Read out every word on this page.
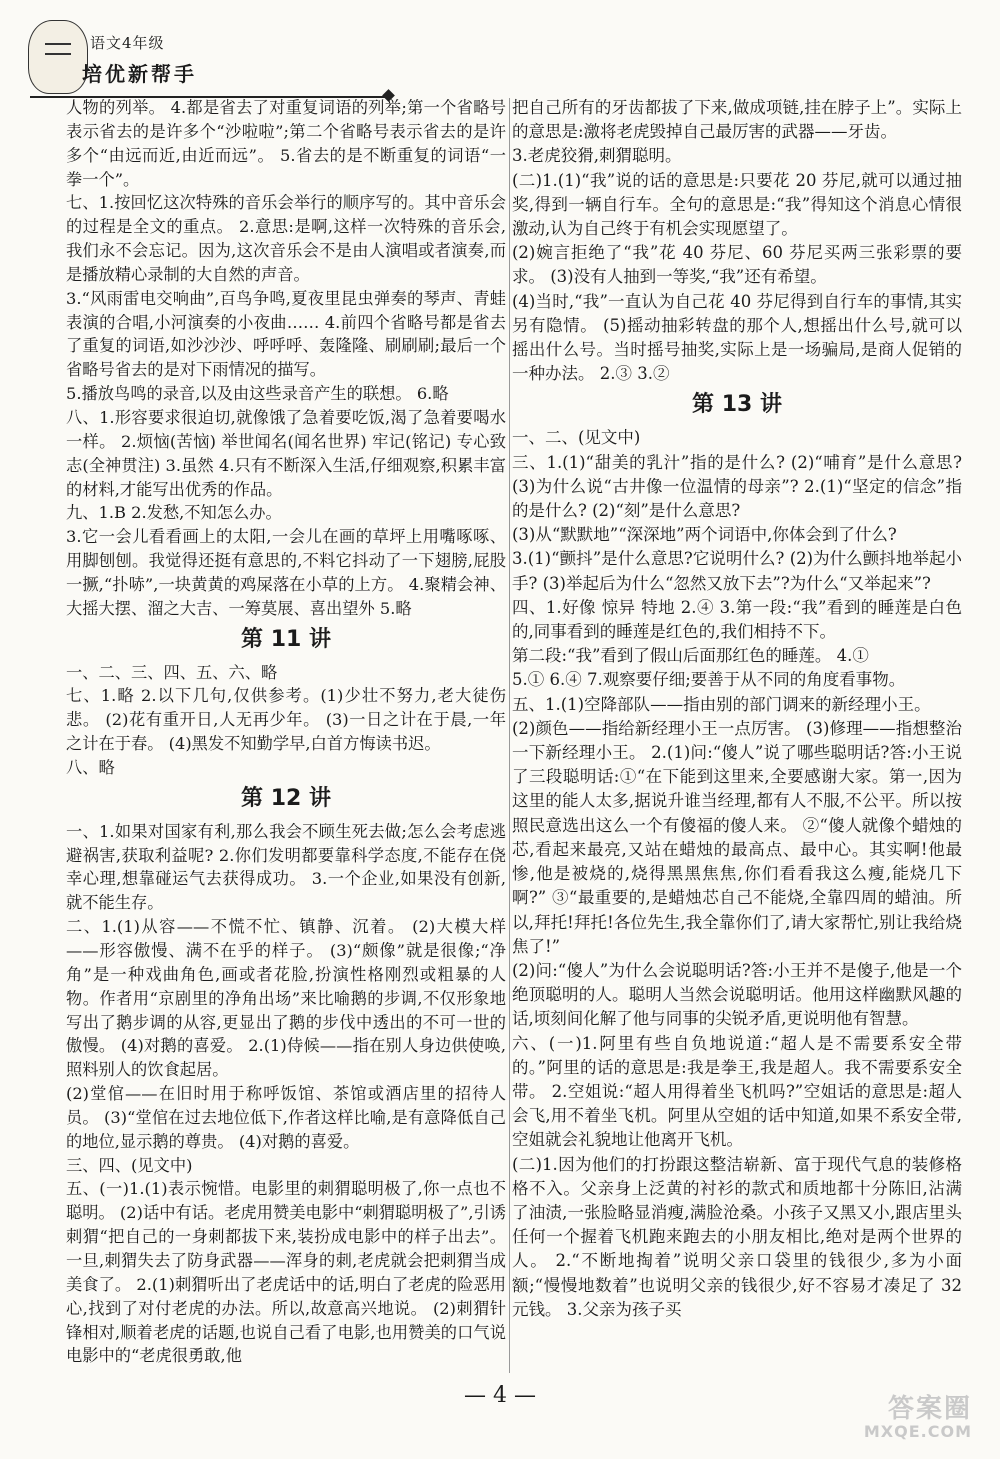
语文4年级
培优新帮手

人物的列举。 4.都是省去了对重复词语的列举;第一个省略号表示省去的是许多个“沙啦啦”;第二个省略号表示省去的是许多个“由远而近,由近而远”。 5.省去的是不断重复的词语“一拳一个”。

七、1.按回忆这次特殊的音乐会举行的顺序写的。其中音乐会的过程是全文的重点。 2.意思:是啊,这样一次特殊的音乐会,我们永不会忘记。因为,这次音乐会不是由人演唱或者演奏,而是播放精心录制的大自然的声音。

3.“风雨雷电交响曲”,百鸟争鸣,夏夜里昆虫弹奏的琴声、青蛙表演的合唱,小河演奏的小夜曲…… 4.前四个省略号都是省去了重复的词语,如沙沙沙、呼呼呼、轰隆隆、刷刷刷;最后一个省略号省去的是对下雨情况的描写。

5.播放鸟鸣的录音,以及由这些录音产生的联想。 6.略

八、1.形容要求很迫切,就像饿了急着要吃饭,渴了急着要喝水一样。 2.烦恼(苦恼) 举世闻名(闻名世界) 牢记(铭记) 专心致志(全神贯注) 3.虽然 4.只有不断深入生活,仔细观察,积累丰富的材料,才能写出优秀的作品。

九、1.B 2.发愁,不知怎么办。

3.它一会儿看看画上的太阳,一会儿在画的草坪上用嘴啄啄、用脚刨刨。我觉得还挺有意思的,不料它抖动了一下翅膀,屁股一撅,“扑哧”,一块黄黄的鸡屎落在小草的上方。 4.聚精会神、大摇大摆、溜之大吉、一筹莫展、喜出望外 5.略

第 11 讲

一、二、三、四、五、六、略

七、1.略 2.以下几句,仅供参考。(1)少壮不努力,老大徒伤悲。 (2)花有重开日,人无再少年。 (3)一日之计在于晨,一年之计在于春。 (4)黑发不知勤学早,白首方悔读书迟。

八、略

第 12 讲

一、1.如果对国家有利,那么我会不顾生死去做;怎么会考虑逃避祸害,获取利益呢? 2.你们发明都要靠科学态度,不能存在侥幸心理,想靠碰运气去获得成功。 3.一个企业,如果没有创新,就不能生存。

二、1.(1)从容——不慌不忙、镇静、沉着。 (2)大模大样——形容傲慢、满不在乎的样子。 (3)“颇像”就是很像;“净角”是一种戏曲角色,画或者花脸,扮演性格刚烈或粗暴的人物。作者用“京剧里的净角出场”来比喻鹅的步调,不仅形象地写出了鹅步调的从容,更显出了鹅的步伐中透出的不可一世的傲慢。 (4)对鹅的喜爱。 2.(1)侍候——指在别人身边供使唤,照料别人的饮食起居。

(2)堂倌——在旧时用于称呼饭馆、茶馆或酒店里的招待人员。 (3)“堂倌在过去地位低下,作者这样比喻,是有意降低自己的地位,显示鹅的尊贵。 (4)对鹅的喜爱。

三、四、(见文中)

五、(一)1.(1)表示惋惜。电影里的刺猬聪明极了,你一点也不聪明。 (2)话中有话。老虎用赞美电影中“刺猬聪明极了”,引诱刺猬“把自己的一身刺都拔下来,装扮成电影中的样子出去”。一旦,刺猬失去了防身武器——浑身的刺,老虎就会把刺猬当成美食了。 2.(1)刺猬听出了老虎话中的话,明白了老虎的险恶用心,找到了对付老虎的办法。所以,故意高兴地说。 (2)刺猬针锋相对,顺着老虎的话题,也说自己看了电影,也用赞美的口气说电影中的“老虎很勇敢,他

把自己所有的牙齿都拔了下来,做成项链,挂在脖子上”。实际上的意思是:激将老虎毁掉自己最厉害的武器——牙齿。

3.老虎狡猾,刺猬聪明。

(二)1.(1)“我”说的话的意思是:只要花 20 芬尼,就可以通过抽奖,得到一辆自行车。全句的意思是:“我”得知这个消息心情很激动,认为自己终于有机会实现愿望了。

(2)婉言拒绝了“我”花 40 芬尼、60 芬尼买两三张彩票的要求。 (3)没有人抽到一等奖,“我”还有希望。

(4)当时,“我”一直认为自己花 40 芬尼得到自行车的事情,其实另有隐情。 (5)摇动抽彩转盘的那个人,想摇出什么号,就可以摇出什么号。当时摇号抽奖,实际上是一场骗局,是商人促销的一种办法。 2.③ 3.②

第 13 讲

一、二、(见文中)

三、1.(1)“甜美的乳汁”指的是什么? (2)“哺育”是什么意思? (3)为什么说“古井像一位温情的母亲”? 2.(1)“坚定的信念”指的是什么? (2)“刻”是什么意思?

(3)从“默默地”“深深地”两个词语中,你体会到了什么?

3.(1)“颤抖”是什么意思?它说明什么? (2)为什么颤抖地举起小手? (3)举起后为什么“忽然又放下去”?为什么“又举起来”?

四、1.好像 惊异 特地 2.④ 3.第一段:“我”看到的睡莲是白色的,同事看到的睡莲是红色的,我们相持不下。

第二段:“我”看到了假山后面那红色的睡莲。 4.①

5.① 6.④ 7.观察要仔细;要善于从不同的角度看事物。

五、1.(1)空降部队——指由别的部门调来的新经理小王。

(2)颜色——指给新经理小王一点厉害。 (3)修理——指想整治一下新经理小王。 2.(1)问:“傻人”说了哪些聪明话?答:小王说了三段聪明话:①“在下能到这里来,全要感谢大家。第一,因为这里的能人太多,据说升谁当经理,都有人不服,不公平。所以按照民意选出这么一个有傻福的傻人来。 ②“傻人就像个蜡烛的芯,看起来最亮,又站在蜡烛的最高点、最中心。其实啊!他最惨,他是被烧的,烧得黑黑焦焦,你们看看我这么瘦,能烧几下啊?” ③“最重要的,是蜡烛芯自己不能烧,全靠四周的蜡油。所以,拜托!拜托!各位先生,我全靠你们了,请大家帮忙,别让我给烧焦了!”

(2)问:“傻人”为什么会说聪明话?答:小王并不是傻子,他是一个绝顶聪明的人。聪明人当然会说聪明话。他用这样幽默风趣的话,顷刻间化解了他与同事的尖锐矛盾,更说明他有智慧。

六、(一)1.阿里有些自负地说道:“超人是不需要系安全带的。”阿里的话的意思是:我是拳王,我是超人。我不需要系安全带。 2.空姐说:“超人用得着坐飞机吗?”空姐话的意思是:超人会飞,用不着坐飞机。阿里从空姐的话中知道,如果不系安全带,空姐就会礼貌地让他离开飞机。

(二)1.因为他们的打扮跟这整洁崭新、富于现代气息的装修格格不入。父亲身上泛黄的衬衫的款式和质地都十分陈旧,沾满了油渍,一张脸略显消瘦,满脸沧桑。小孩子又黑又小,跟店里头任何一个握着飞机跑来跑去的小朋友相比,绝对是两个世界的人。 2.“不断地掏着”说明父亲口袋里的钱很少,多为小面额;“慢慢地数着”也说明父亲的钱很少,好不容易才凑足了 32 元钱。 3.父亲为孩子买

— 4 —	答案圈
MXQE.COM
